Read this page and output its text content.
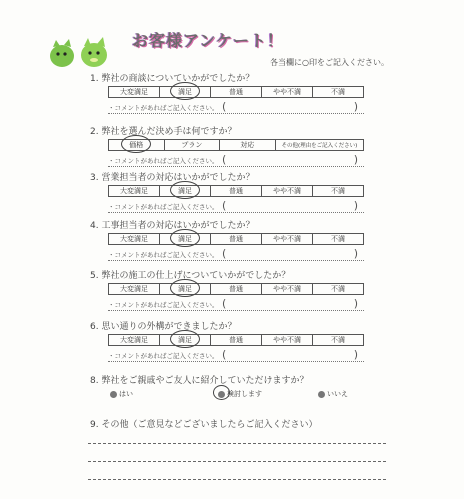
お客様アンケート！
各当欄に○印をご記入ください。
1. 弊社の商談についていかがでしたか？
大変満足	満足	普通	やや不満	不満
・コメントがあればご記入ください。 (	)
2. 弊社を選んだ決め手は何ですか？
価格	プラン	対応	その他(理由をご記入ください)
・コメントがあればご記入ください。 (	)
3. 営業担当者の対応はいかがでしたか？
大変満足	満足	普通	やや不満	不満
・コメントがあればご記入ください。 (	)
4. 工事担当者の対応はいかがでしたか？
大変満足	満足	普通	やや不満	不満
・コメントがあればご記入ください。 (	)
5. 弊社の施工の仕上げについていかがでしたか？
大変満足	満足	普通	やや不満	不満
・コメントがあればご記入ください。 (	)
6. 思い通りの外構ができましたか？
大変満足	満足	普通	やや不満	不満
・コメントがあればご記入ください。 (	)
8. 弊社をご親戚やご友人に紹介していただけますか？
はい	検討します	いいえ
9. その他（ご意見などございましたらご記入ください）
